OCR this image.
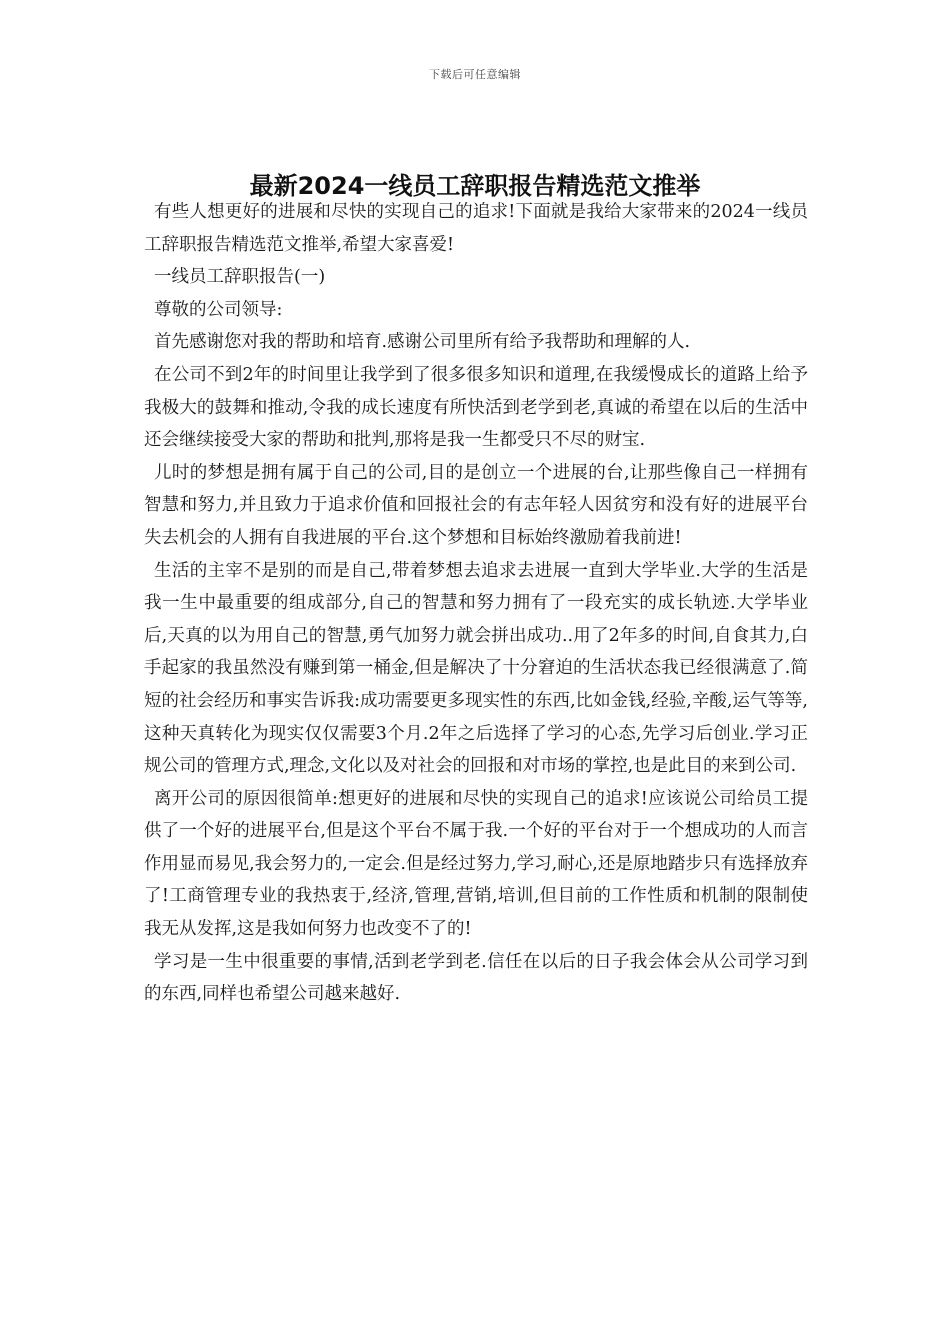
下载后可任意编辑
最新2024一线员工辞职报告精选范文推举

有些人想更好的进展和尽快的实现自己的追求!下面就是我给大家带来的2024一线员工辞职报告精选范文推举,希望大家喜爱!

一线员工辞职报告(一)

尊敬的公司领导:

首先感谢您对我的帮助和培育.感谢公司里所有给予我帮助和理解的人.

在公司不到2年的时间里让我学到了很多很多知识和道理,在我缓慢成长的道路上给予我极大的鼓舞和推动,令我的成长速度有所快活到老学到老,真诚的希望在以后的生活中还会继续接受大家的帮助和批判,那将是我一生都受只不尽的财宝.

儿时的梦想是拥有属于自己的公司,目的是创立一个进展的台,让那些像自己一样拥有智慧和努力,并且致力于追求价值和回报社会的有志年轻人因贫穷和没有好的进展平台失去机会的人拥有自我进展的平台.这个梦想和目标始终激励着我前进!

生活的主宰不是别的而是自己,带着梦想去追求去进展一直到大学毕业.大学的生活是我一生中最重要的组成部分,自己的智慧和努力拥有了一段充实的成长轨迹.大学毕业后,天真的以为用自己的智慧,勇气加努力就会拼出成功..用了2年多的时间,自食其力,白手起家的我虽然没有赚到第一桶金,但是解决了十分窘迫的生活状态我已经很满意了.简短的社会经历和事实告诉我:成功需要更多现实性的东西,比如金钱,经验,辛酸,运气等等,这种天真转化为现实仅仅需要3个月.2年之后选择了学习的心态,先学习后创业.学习正规公司的管理方式,理念,文化以及对社会的回报和对市场的掌控,也是此目的来到公司.

离开公司的原因很简单:想更好的进展和尽快的实现自己的追求!应该说公司给员工提供了一个好的进展平台,但是这个平台不属于我.一个好的平台对于一个想成功的人而言作用显而易见,我会努力的,一定会.但是经过努力,学习,耐心,还是原地踏步只有选择放弃了!工商管理专业的我热衷于,经济,管理,营销,培训,但目前的工作性质和机制的限制使我无从发挥,这是我如何努力也改变不了的!

学习是一生中很重要的事情,活到老学到老.信任在以后的日子我会体会从公司学习到的东西,同样也希望公司越来越好.
